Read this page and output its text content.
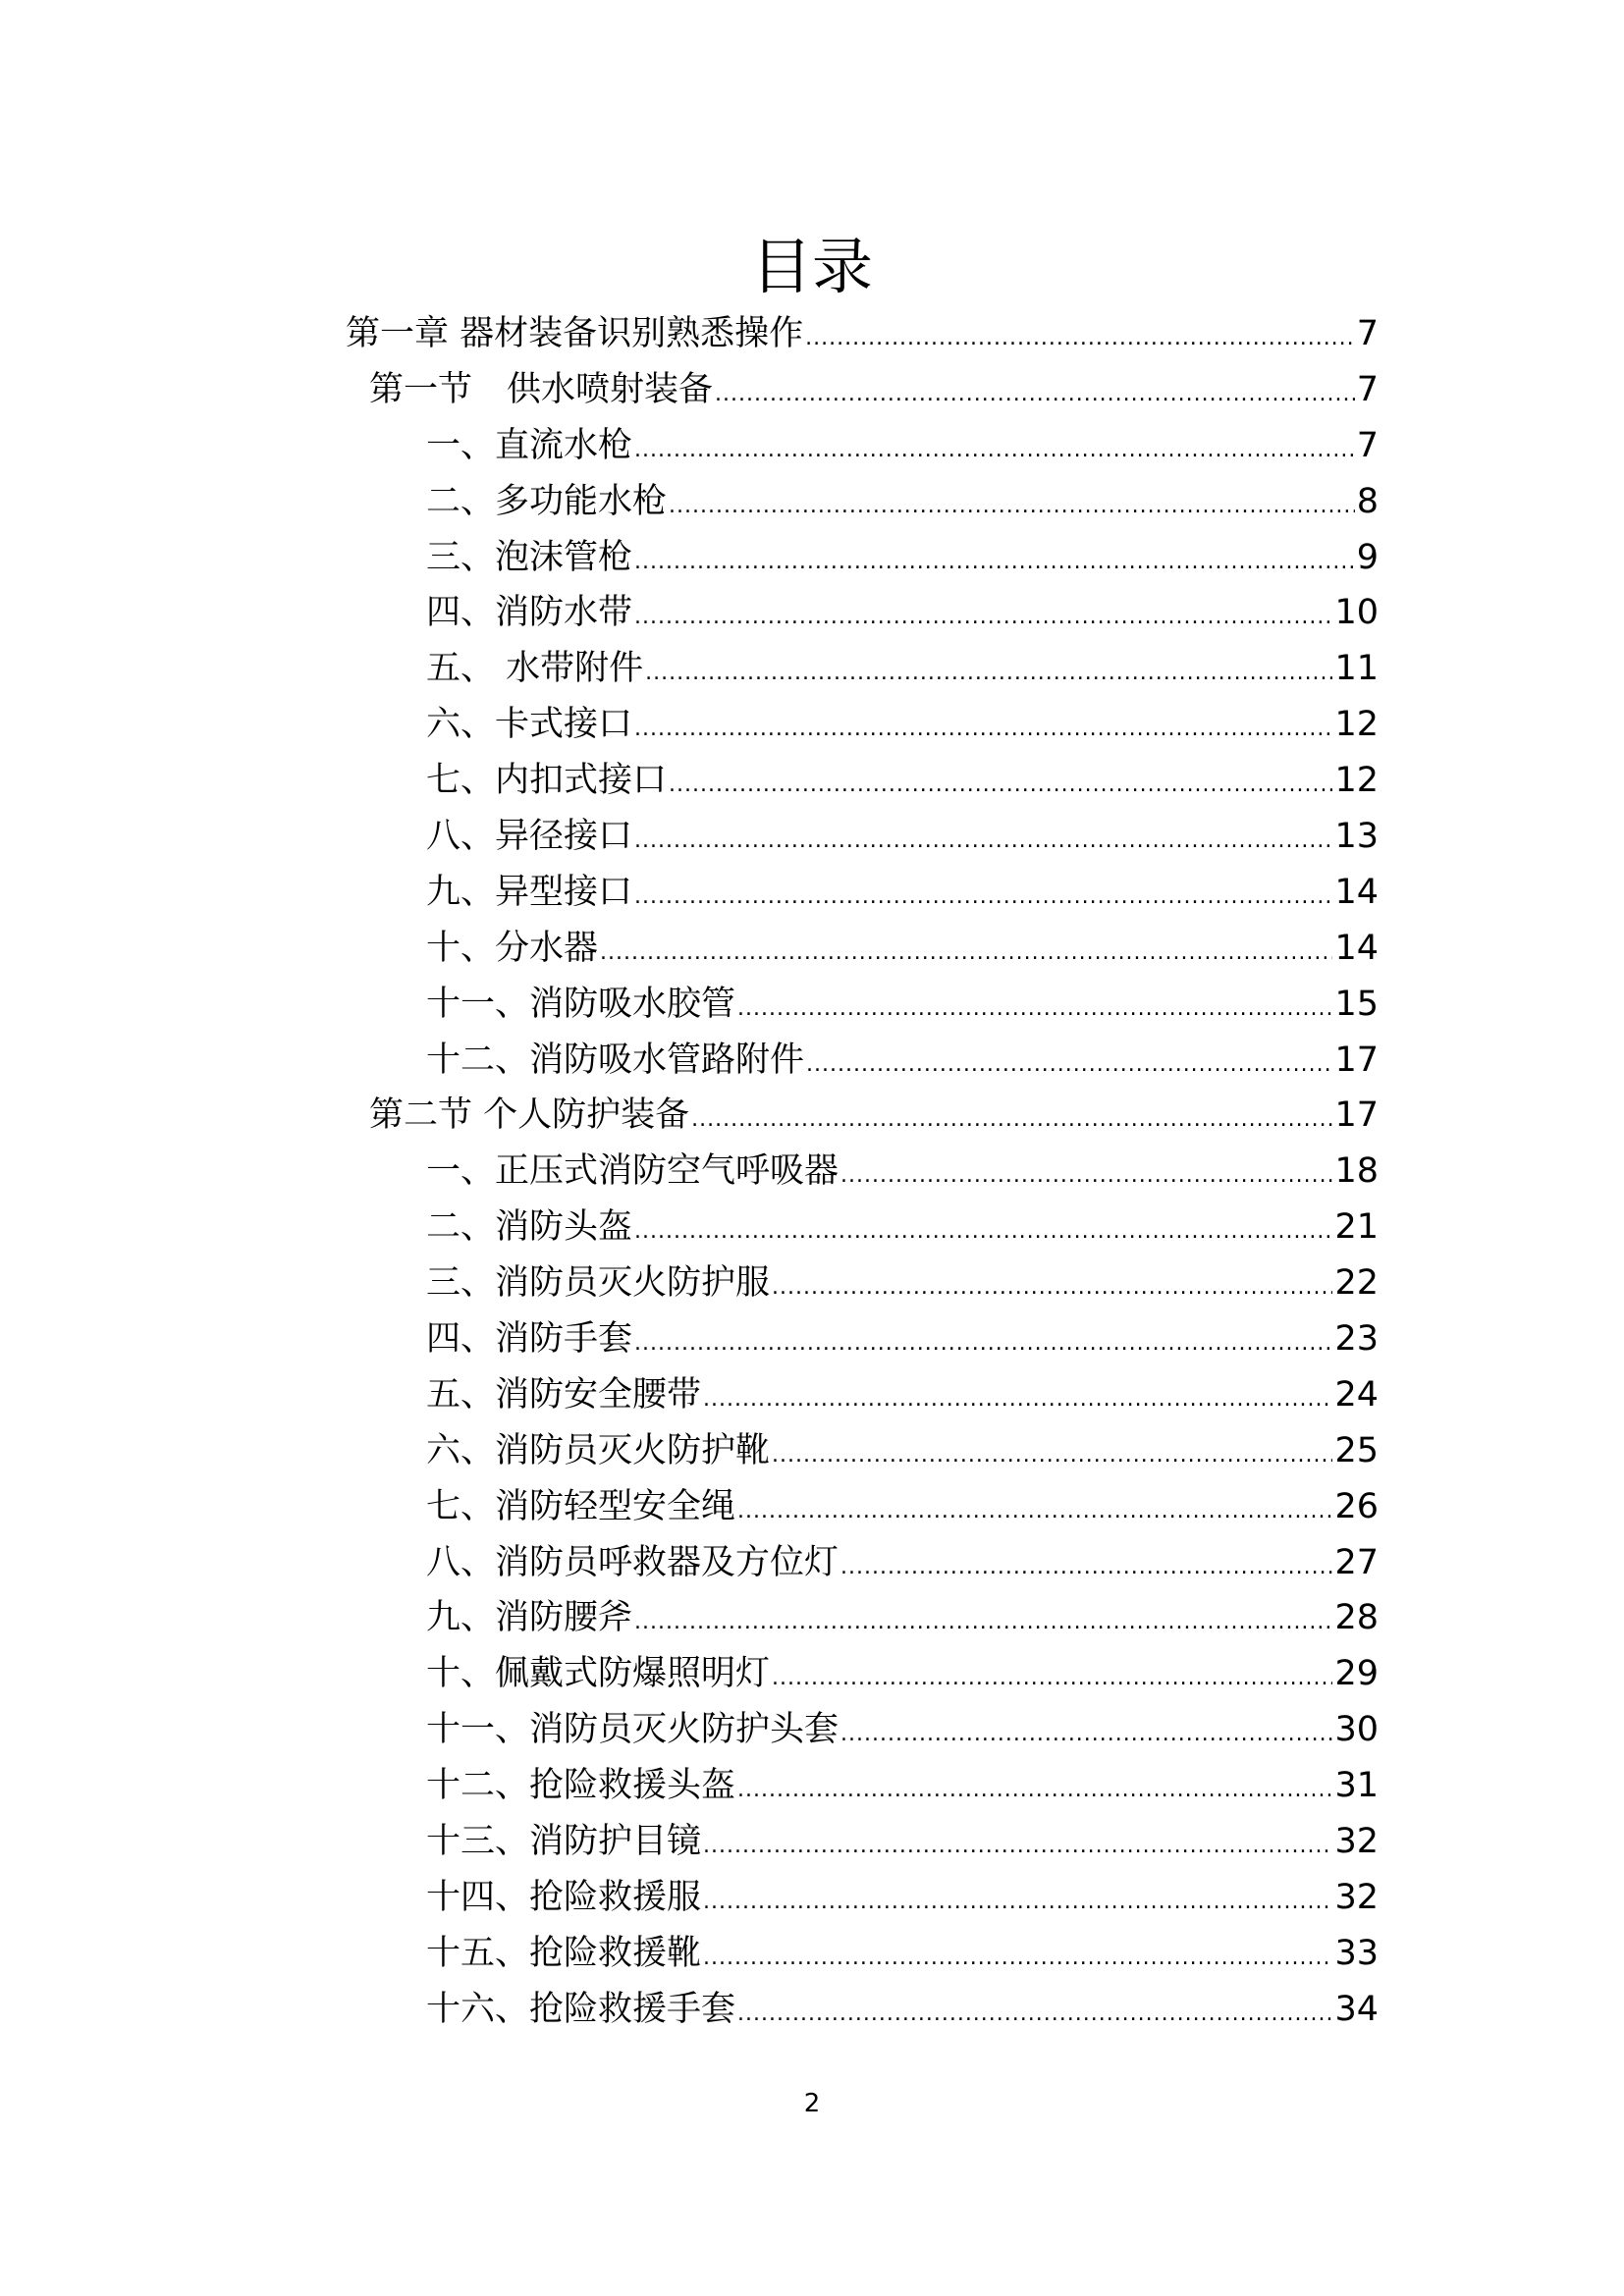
目录
第一章 器材装备识别熟悉操作 .....	7
第一节　供水喷射装备 .....	7
一、直流水枪 .....	7
二、多功能水枪 .....	8
三、泡沫管枪 .....	9
四、消防水带 .....	10
五、 水带附件 .....	11
六、卡式接口 .....	12
七、内扣式接口 .....	12
八、异径接口 .....	13
九、异型接口 .....	14
十、分水器 .....	14
十一、消防吸水胶管 .....	15
十二、消防吸水管路附件 .....	17
第二节 个人防护装备 .....	17
一、正压式消防空气呼吸器 .....	18
二、消防头盔 .....	21
三、消防员灭火防护服 .....	22
四、消防手套 .....	23
五、消防安全腰带 .....	24
六、消防员灭火防护靴 .....	25
七、消防轻型安全绳 .....	26
八、消防员呼救器及方位灯 .....	27
九、消防腰斧 .....	28
十、佩戴式防爆照明灯 .....	29
十一、消防员灭火防护头套 .....	30
十二、抢险救援头盔 .....	31
十三、消防护目镜 .....	32
十四、抢险救援服 .....	32
十五、抢险救援靴 .....	33
十六、抢险救援手套 .....	34
2
